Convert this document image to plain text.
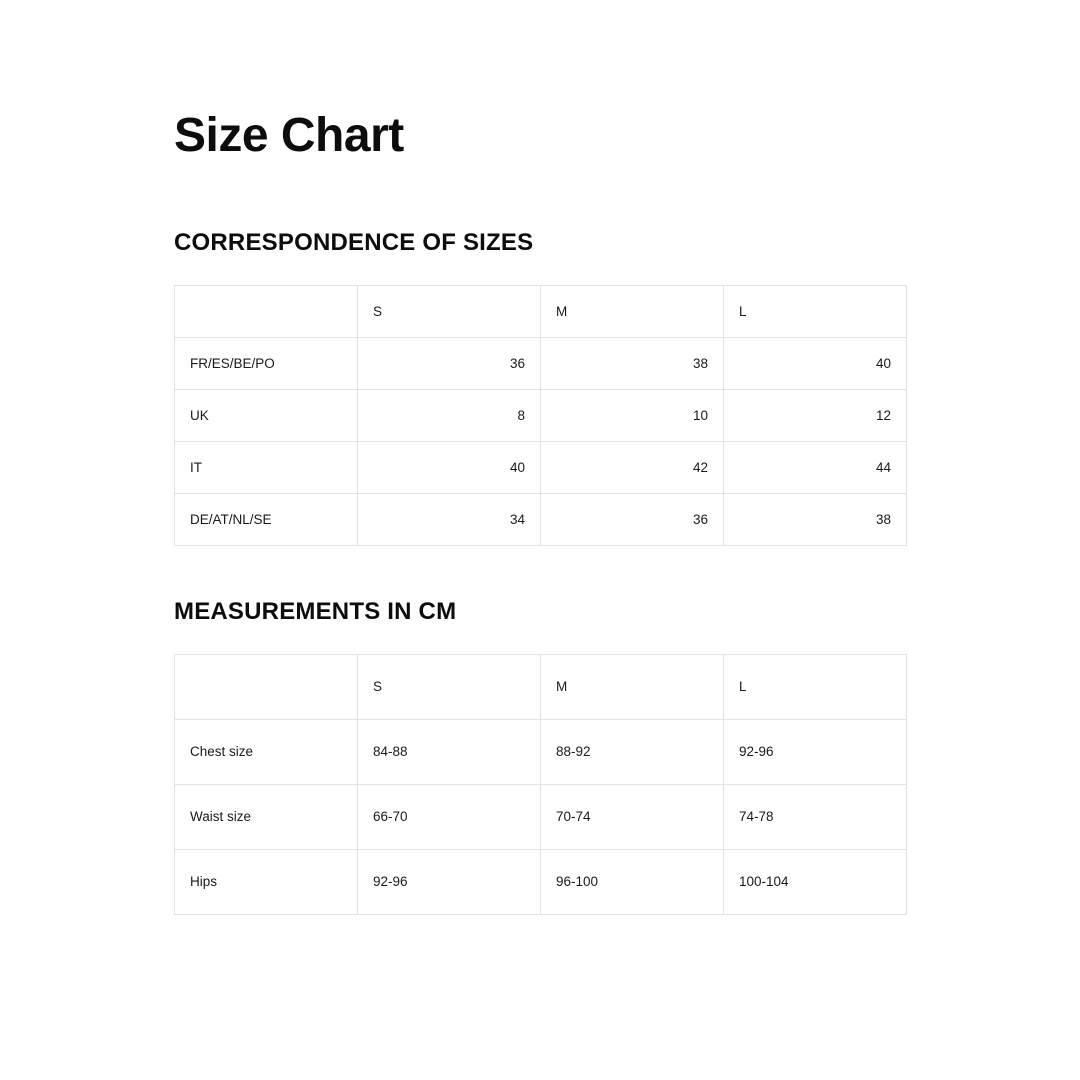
Size Chart
CORRESPONDENCE OF SIZES
	S	M	L
FR/ES/BE/PO	36	38	40
UK	8	10	12
IT	40	42	44
DE/AT/NL/SE	34	36	38
MEASUREMENTS IN CM
	S	M	L
Chest size	84-88	88-92	92-96
Waist size	66-70	70-74	74-78
Hips	92-96	96-100	100-104
